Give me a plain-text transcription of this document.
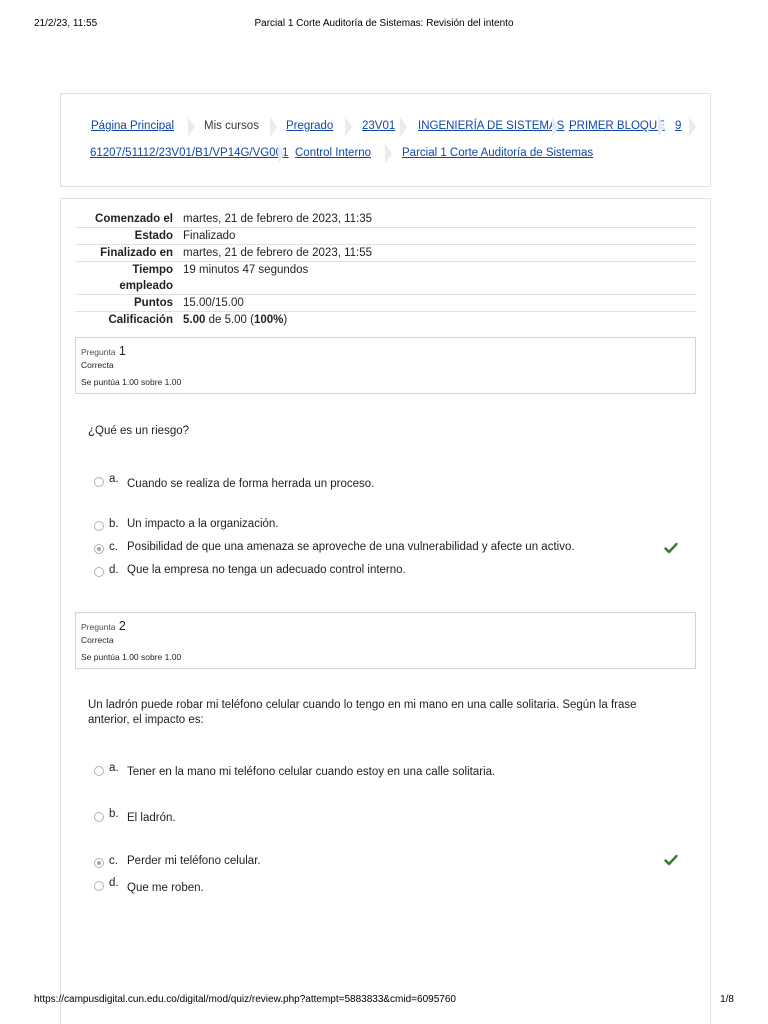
21/2/23, 11:55	Parcial 1 Corte Auditoría de Sistemas: Revisión del intento
Página Principal	Mis cursos Pregrado 23V01 INGENIERÍA DE SISTEMAS PRIMER BLOQUE 9
61207/51112/23V01/B1/VP14G/VG001 Control Interno	Parcial 1 Corte Auditoría de Sistemas
Comenzado el martes, 21 de febrero de 2023, 11:35
Estado Finalizado
Finalizado en martes, 21 de febrero de 2023, 11:55
Tiempo
empleado
19 minutos 47 segundos
Puntos 15.00/15.00
Calificación 5.00 de 5.00 (100%)
Pregunta 1
Correcta
Se puntúa 1.00 sobre 1.00
¿Qué es un riesgo?
a. Cuando se realiza de forma herrada un proceso.
b. Un impacto a la organización.
c. Posibilidad de que una amenaza se aproveche de una vulnerabilidad y afecte un activo.
d. Que la empresa no tenga un adecuado control interno.
Pregunta 2
Correcta
Se puntúa 1.00 sobre 1.00
Un ladrón puede robar mi teléfono celular cuando lo tengo en mi mano en una calle solitaria. Según la frase
anterior, el impacto es:
a. Tener en la mano mi teléfono celular cuando estoy en una calle solitaria.
b. El ladrón.
c. Perder mi teléfono celular.
d. Que me roben.
https://campusdigital.cun.edu.co/digital/mod/quiz/review.php?attempt=5883833&cmid=6095760	1/8
